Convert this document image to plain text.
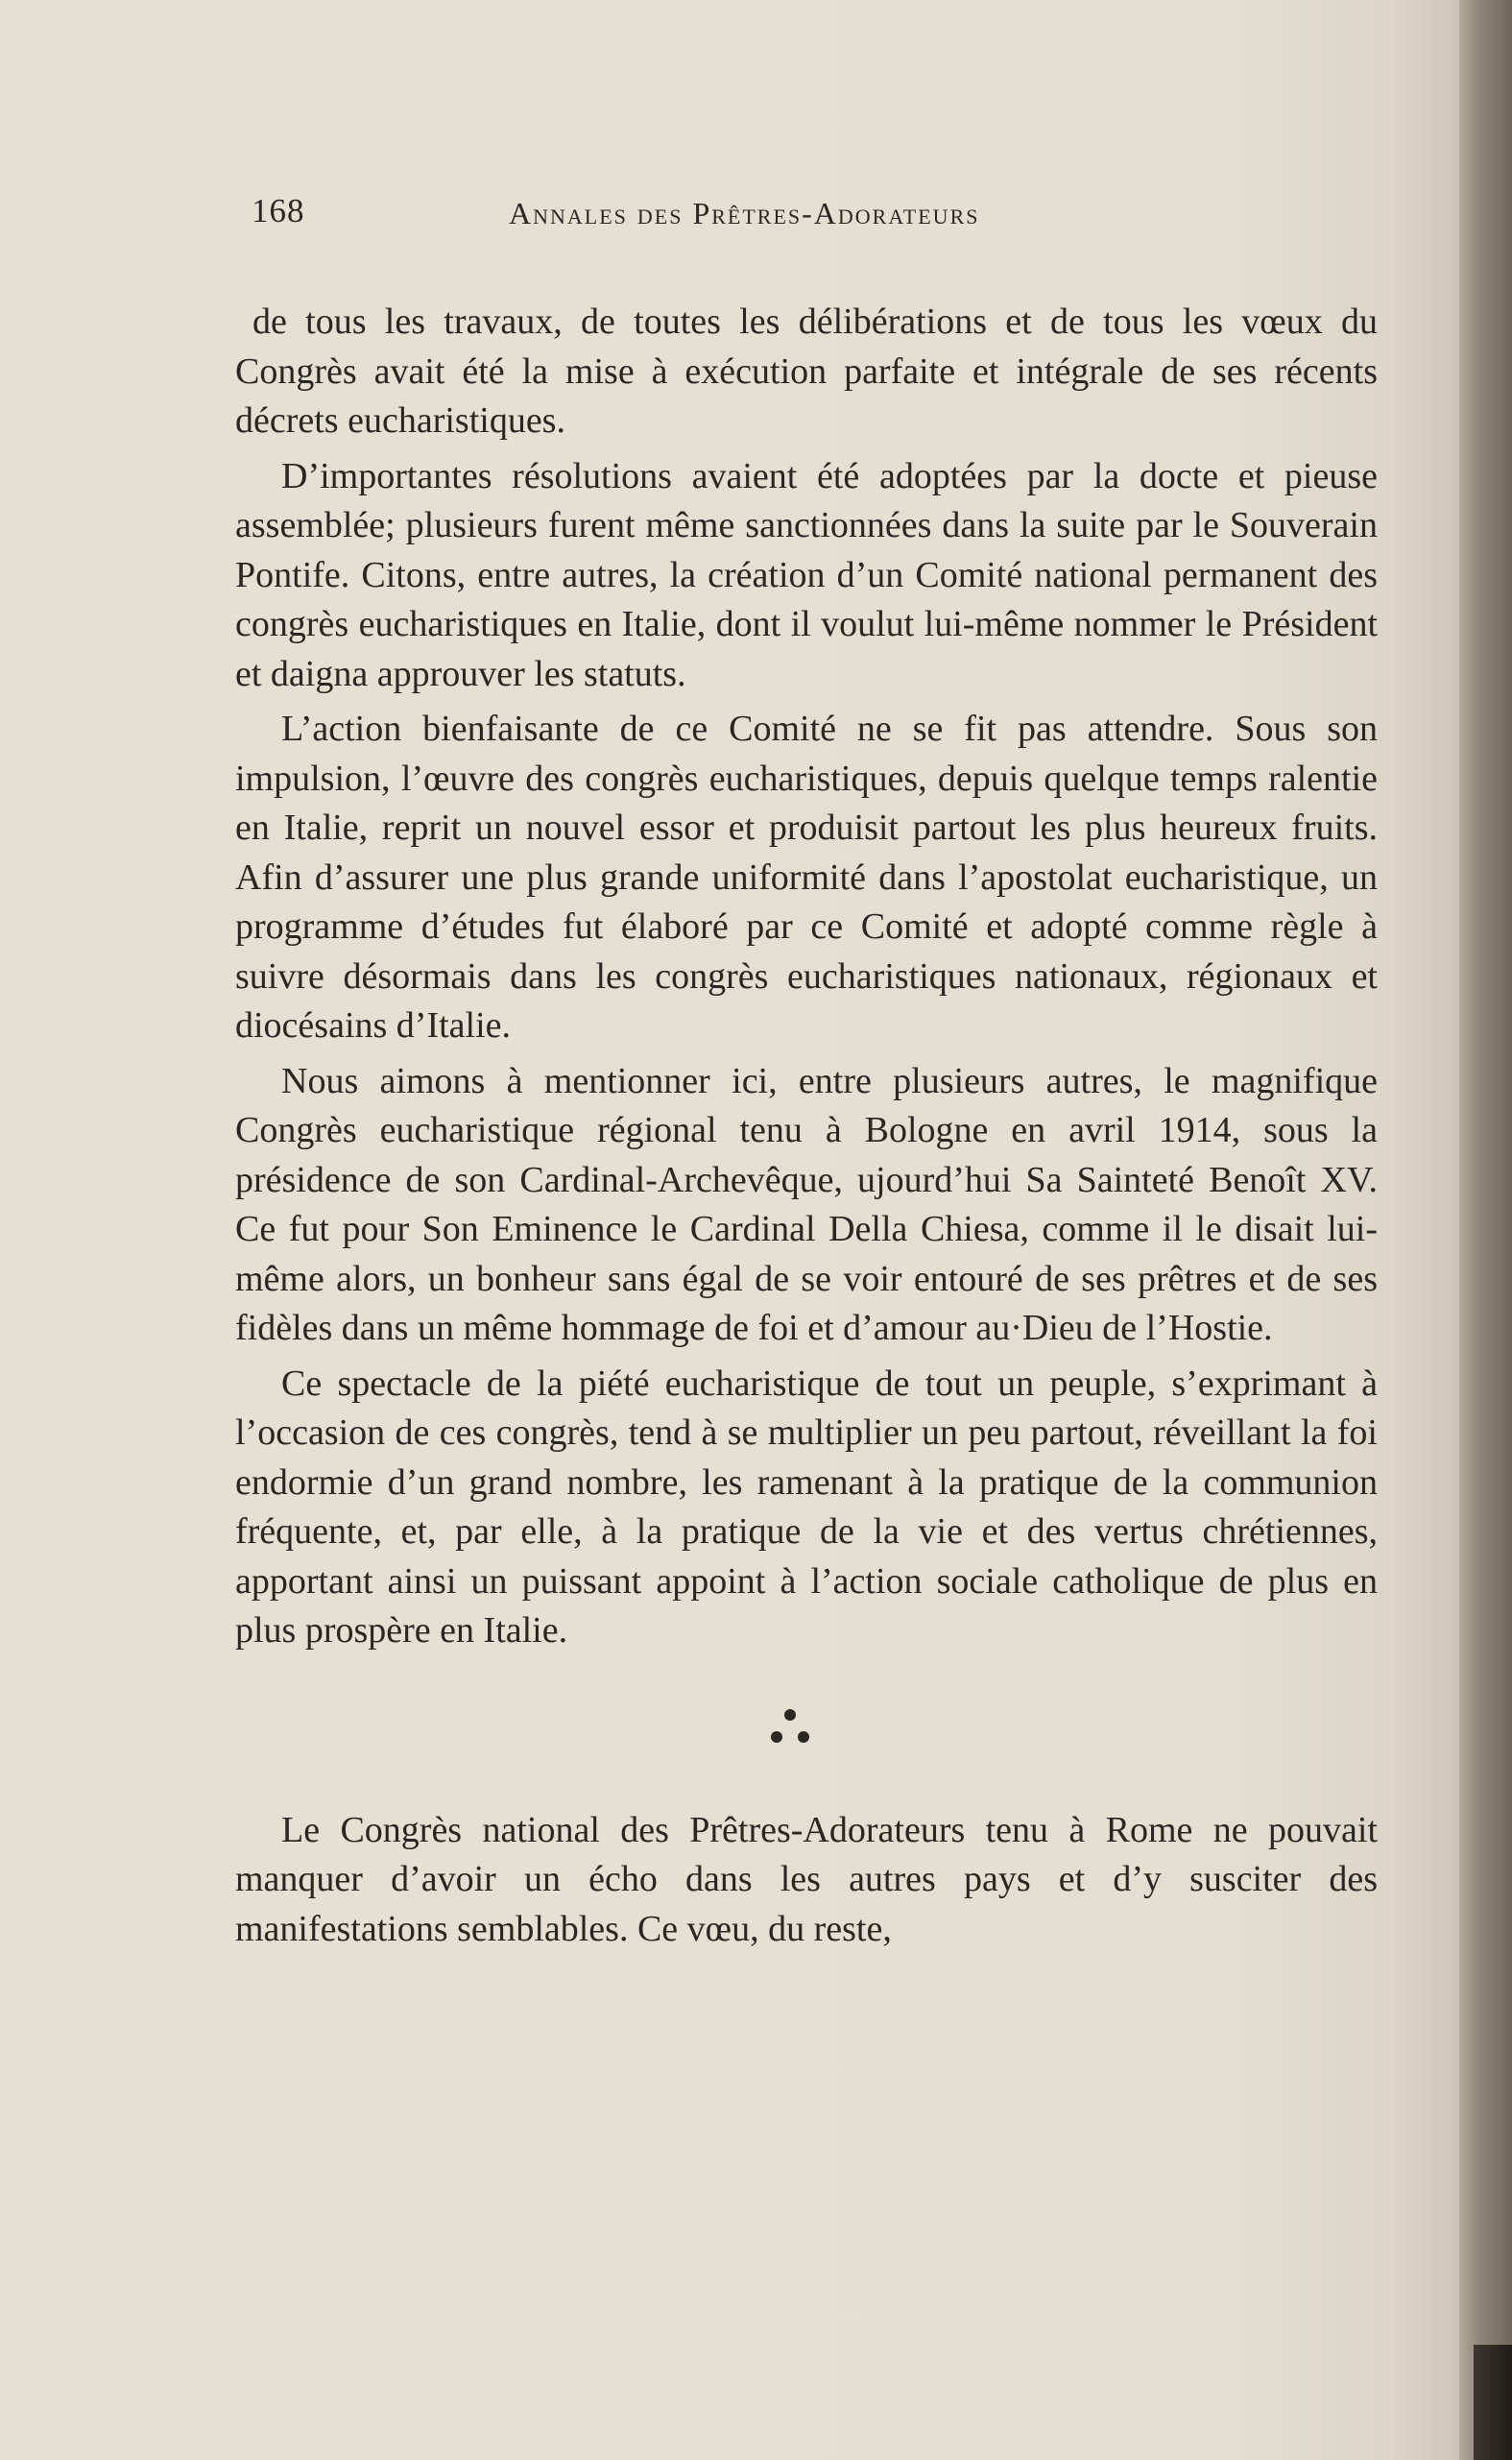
168	Annales des Prêtres-Adorateurs

de tous les travaux, de toutes les délibérations et de tous les vœux du Congrès avait été la mise à exécution parfaite et intégrale de ses récents décrets eucharistiques.

D’importantes résolutions avaient été adoptées par la docte et pieuse assemblée; plusieurs furent même sanctionnées dans la suite par le Souverain Pontife. Citons, entre autres, la création d’un Comité national permanent des congrès eucharistiques en Italie, dont il voulut lui-même nommer le Président et daigna approuver les statuts.

L’action bienfaisante de ce Comité ne se fit pas attendre. Sous son impulsion, l’œuvre des congrès eucharistiques, depuis quelque temps ralentie en Italie, reprit un nouvel essor et produisit partout les plus heureux fruits. Afin d’assurer une plus grande uniformité dans l’apostolat eucharistique, un programme d’études fut élaboré par ce Comité et adopté comme règle à suivre désormais dans les congrès eucharistiques nationaux, régionaux et diocésains d’Italie.

Nous aimons à mentionner ici, entre plusieurs autres, le magnifique Congrès eucharistique régional tenu à Bologne en avril 1914, sous la présidence de son Cardinal-Archevêque, ujourd’hui Sa Sainteté Benoît XV. Ce fut pour Son Eminence le Cardinal Della Chiesa, comme il le disait lui-même alors, un bonheur sans égal de se voir entouré de ses prêtres et de ses fidèles dans un même hommage de foi et d’amour au·Dieu de l’Hostie.

Ce spectacle de la piété eucharistique de tout un peuple, s’exprimant à l’occasion de ces congrès, tend à se multiplier un peu partout, réveillant la foi endormie d’un grand nombre, les ramenant à la pratique de la communion fréquente, et, par elle, à la pratique de la vie et des vertus chrétiennes, apportant ainsi un puissant appoint à l’action sociale catholique de plus en plus prospère en Italie.

Le Congrès national des Prêtres-Adorateurs tenu à Rome ne pouvait manquer d’avoir un écho dans les autres pays et d’y susciter des manifestations semblables. Ce vœu, du reste,
